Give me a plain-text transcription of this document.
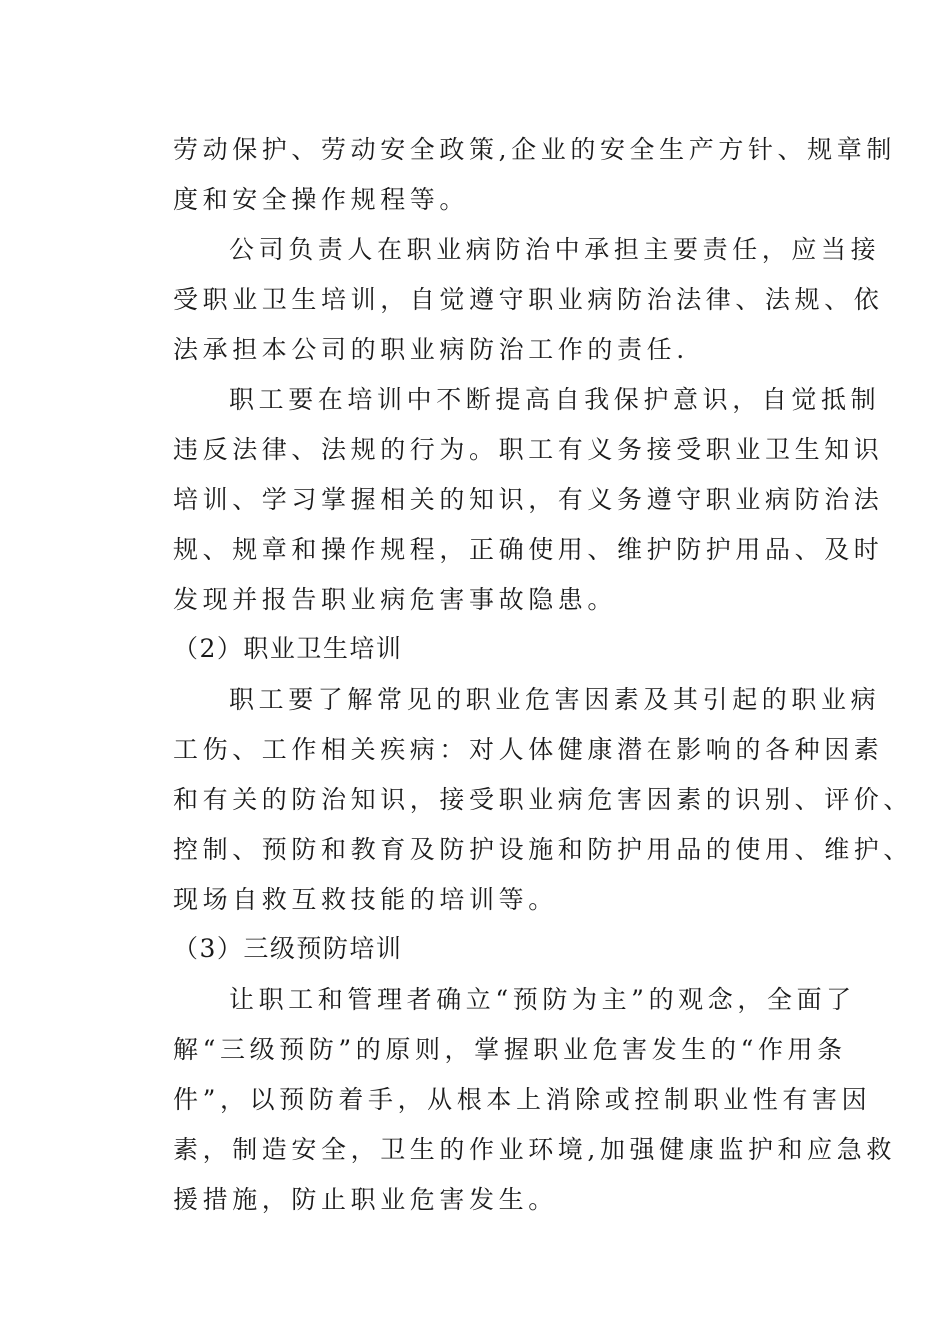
劳动保护、劳动安全政策,企业的安全生产方针、规章制

度和安全操作规程等。

公司负责人在职业病防治中承担主要责任，应当接

受职业卫生培训，自觉遵守职业病防治法律、法规、依

法承担本公司的职业病防治工作的责任.

职工要在培训中不断提高自我保护意识，自觉抵制

违反法律、法规的行为。职工有义务接受职业卫生知识

培训、学习掌握相关的知识，有义务遵守职业病防治法

规、规章和操作规程，正确使用、维护防护用品、及时

发现并报告职业病危害事故隐患。

（2）职业卫生培训

职工要了解常见的职业危害因素及其引起的职业病

工伤、工作相关疾病：对人体健康潜在影响的各种因素

和有关的防治知识，接受职业病危害因素的识别、评价、

控制、预防和教育及防护设施和防护用品的使用、维护、

现场自救互救技能的培训等。

（3）三级预防培训

让职工和管理者确立“预防为主”的观念，全面了

解“三级预防”的原则，掌握职业危害发生的“作用条

件”，以预防着手，从根本上消除或控制职业性有害因

素，制造安全，卫生的作业环境,加强健康监护和应急救

援措施，防止职业危害发生。
